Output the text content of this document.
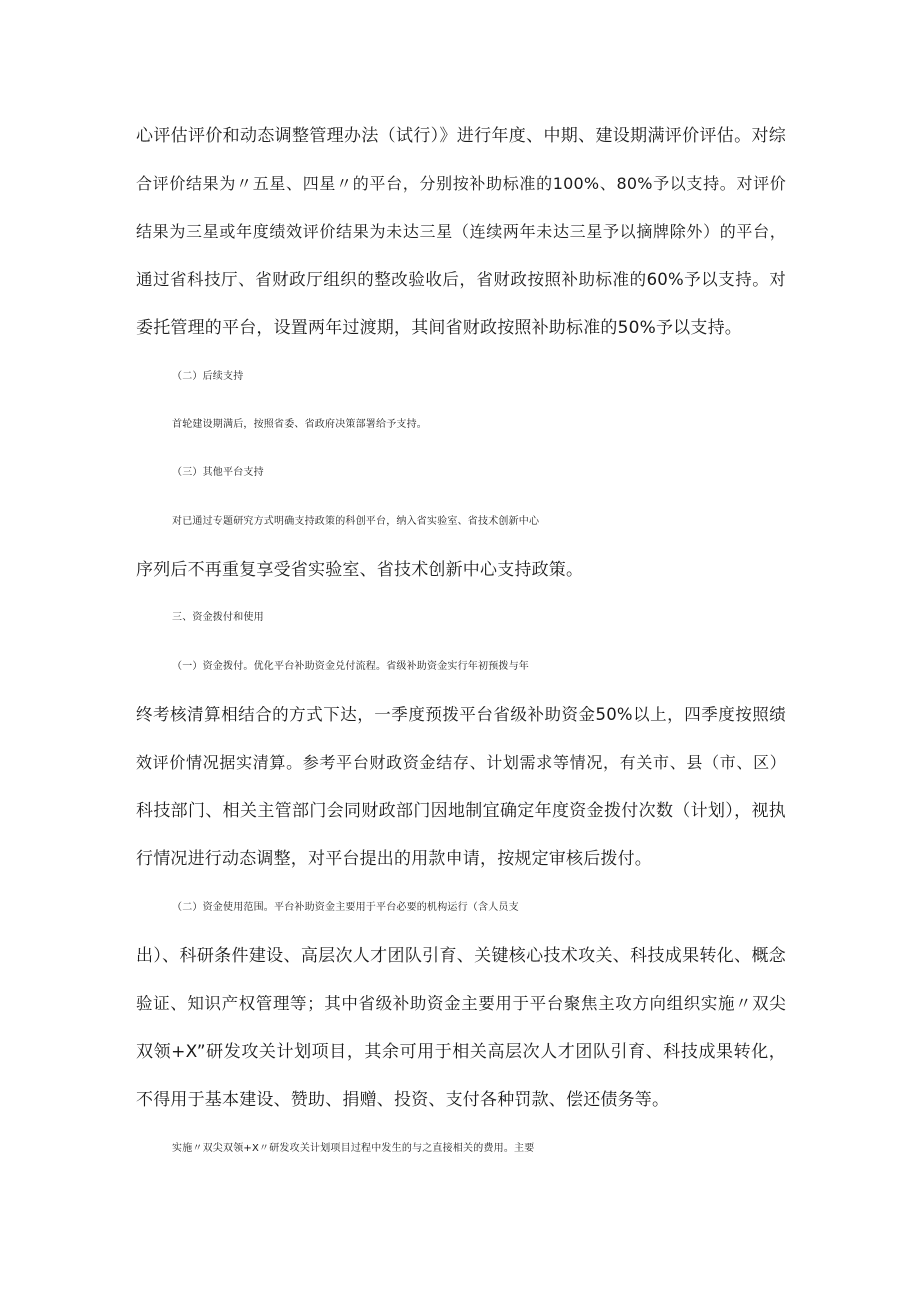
心评估评价和动态调整管理办法（试行）》进行年度、中期、建设期满评价评估。对综
合评价结果为〃五星、四星〃的平台，分别按补助标准的100%、80%予以支持。对评价
结果为三星或年度绩效评价结果为未达三星（连续两年未达三星予以摘牌除外）的平台，
通过省科技厅、省财政厅组织的整改验收后，省财政按照补助标准的60%予以支持。对
委托管理的平台，设置两年过渡期，其间省财政按照补助标准的50%予以支持。
（二）后续支持
首轮建设期满后，按照省委、省政府决策部署给予支持。
（三）其他平台支持
对已通过专题研究方式明确支持政策的科创平台，纳入省实验室、省技术创新中心
序列后不再重复享受省实验室、省技术创新中心支持政策。
三、资金拨付和使用
（一）资金拨付。优化平台补助资金兑付流程。省级补助资金实行年初预拨与年
终考核清算相结合的方式下达，一季度预拨平台省级补助资金50%以上，四季度按照绩
效评价情况据实清算。参考平台财政资金结存、计划需求等情况，有关市、县（市、区）
科技部门、相关主管部门会同财政部门因地制宜确定年度资金拨付次数（计划），视执
行情况进行动态调整，对平台提出的用款申请，按规定审核后拨付。
（二）资金使用范围。平台补助资金主要用于平台必要的机构运行（含人员支
出）、科研条件建设、高层次人才团队引育、关键核心技术攻关、科技成果转化、概念
验证、知识产权管理等；其中省级补助资金主要用于平台聚焦主攻方向组织实施〃双尖
双领+X”研发攻关计划项目，其余可用于相关高层次人才团队引育、科技成果转化，
不得用于基本建设、赞助、捐赠、投资、支付各种罚款、偿还债务等。
实施〃双尖双领+X〃研发攻关计划项目过程中发生的与之直接相关的费用。主要
